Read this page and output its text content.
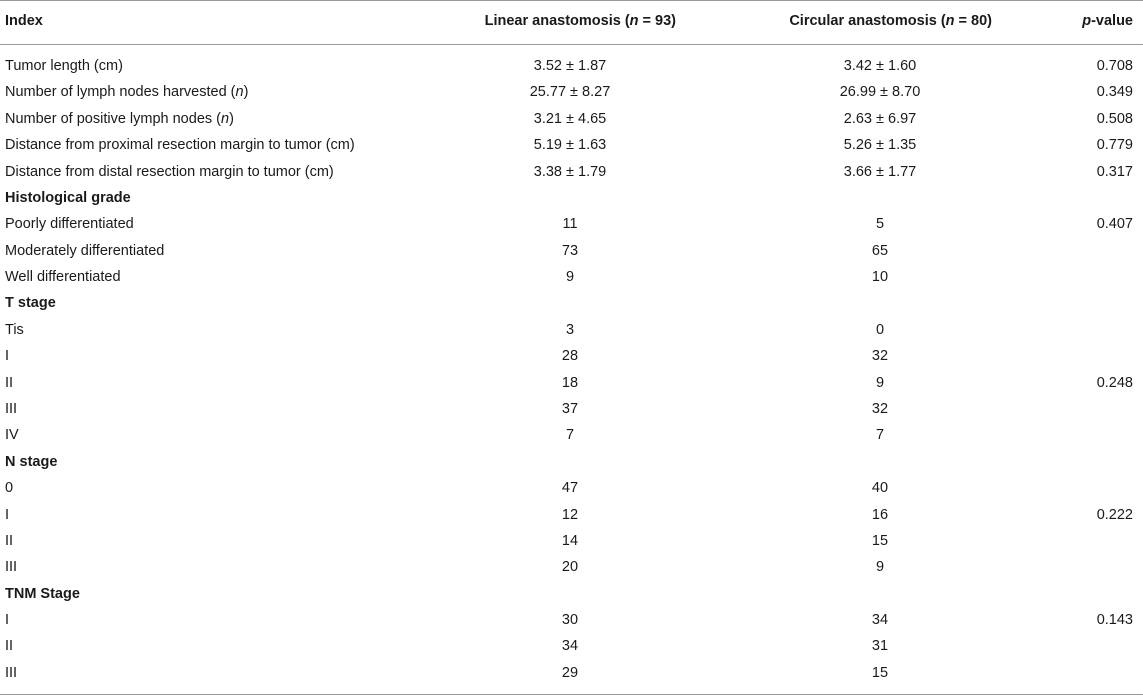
Index	Linear anastomosis (n = 93)	Circular anastomosis (n = 80)	p-value
Tumor length (cm)	3.52 ± 1.87	3.42 ± 1.60	0.708
Number of lymph nodes harvested (n)	25.77 ± 8.27	26.99 ± 8.70	0.349
Number of positive lymph nodes (n)	3.21 ± 4.65	2.63 ± 6.97	0.508
Distance from proximal resection margin to tumor (cm)	5.19 ± 1.63	5.26 ± 1.35	0.779
Distance from distal resection margin to tumor (cm)	3.38 ± 1.79	3.66 ± 1.77	0.317
Histological grade
Poorly differentiated	11	5	0.407
Moderately differentiated	73	65
Well differentiated	9	10
T stage
Tis	3	0
I	28	32
II	18	9	0.248
III	37	32
IV	7	7
N stage
0	47	40
I	12	16	0.222
II	14	15
III	20	9
TNM Stage
I	30	34	0.143
II	34	31
III	29	15
